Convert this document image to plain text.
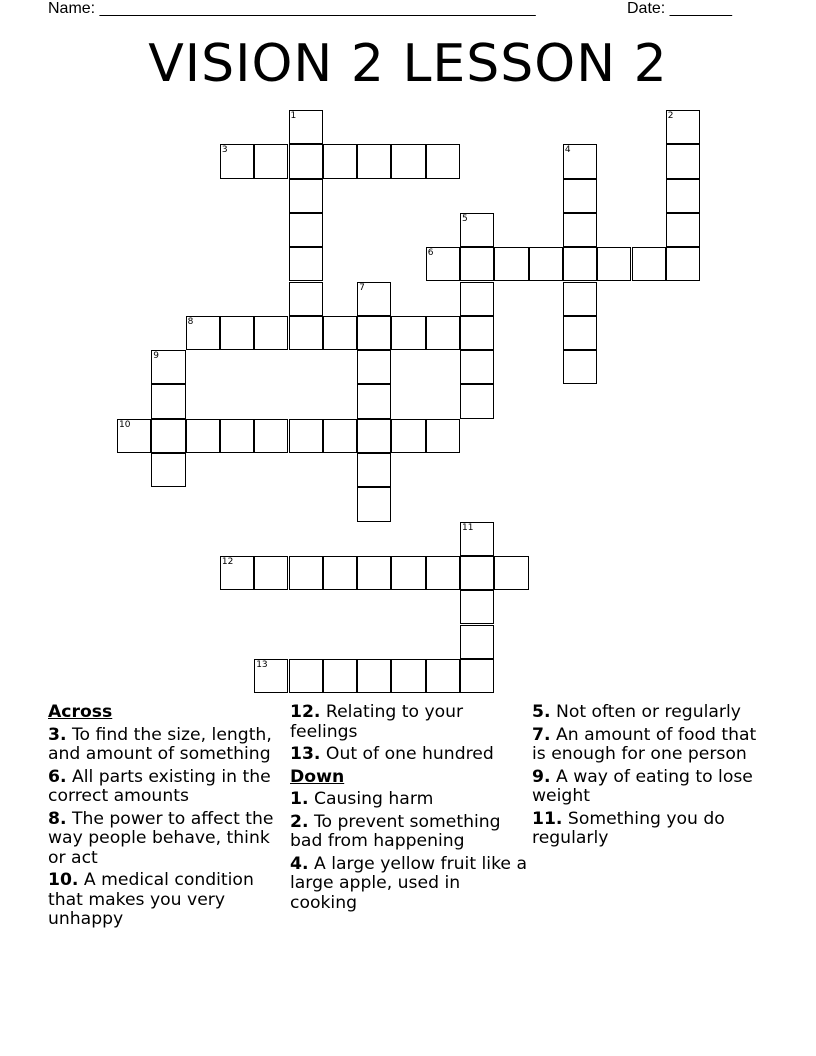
Name: _________________________________________________	Date: _______
VISION 2 LESSON 2
1	2
3	4
5
6
7
8
9
10
11
12
13
Across
3. To find the size, length, and amount of something
6. All parts existing in the correct amounts
8. The power to affect the way people behave, think or act
10. A medical condition that makes you very unhappy
12. Relating to your feelings
13. Out of one hundred
Down
1. Causing harm
2. To prevent something bad from happening
4. A large yellow fruit like a large apple, used in cooking
5. Not often or regularly
7. An amount of food that is enough for one person
9. A way of eating to lose weight
11. Something you do regularly
